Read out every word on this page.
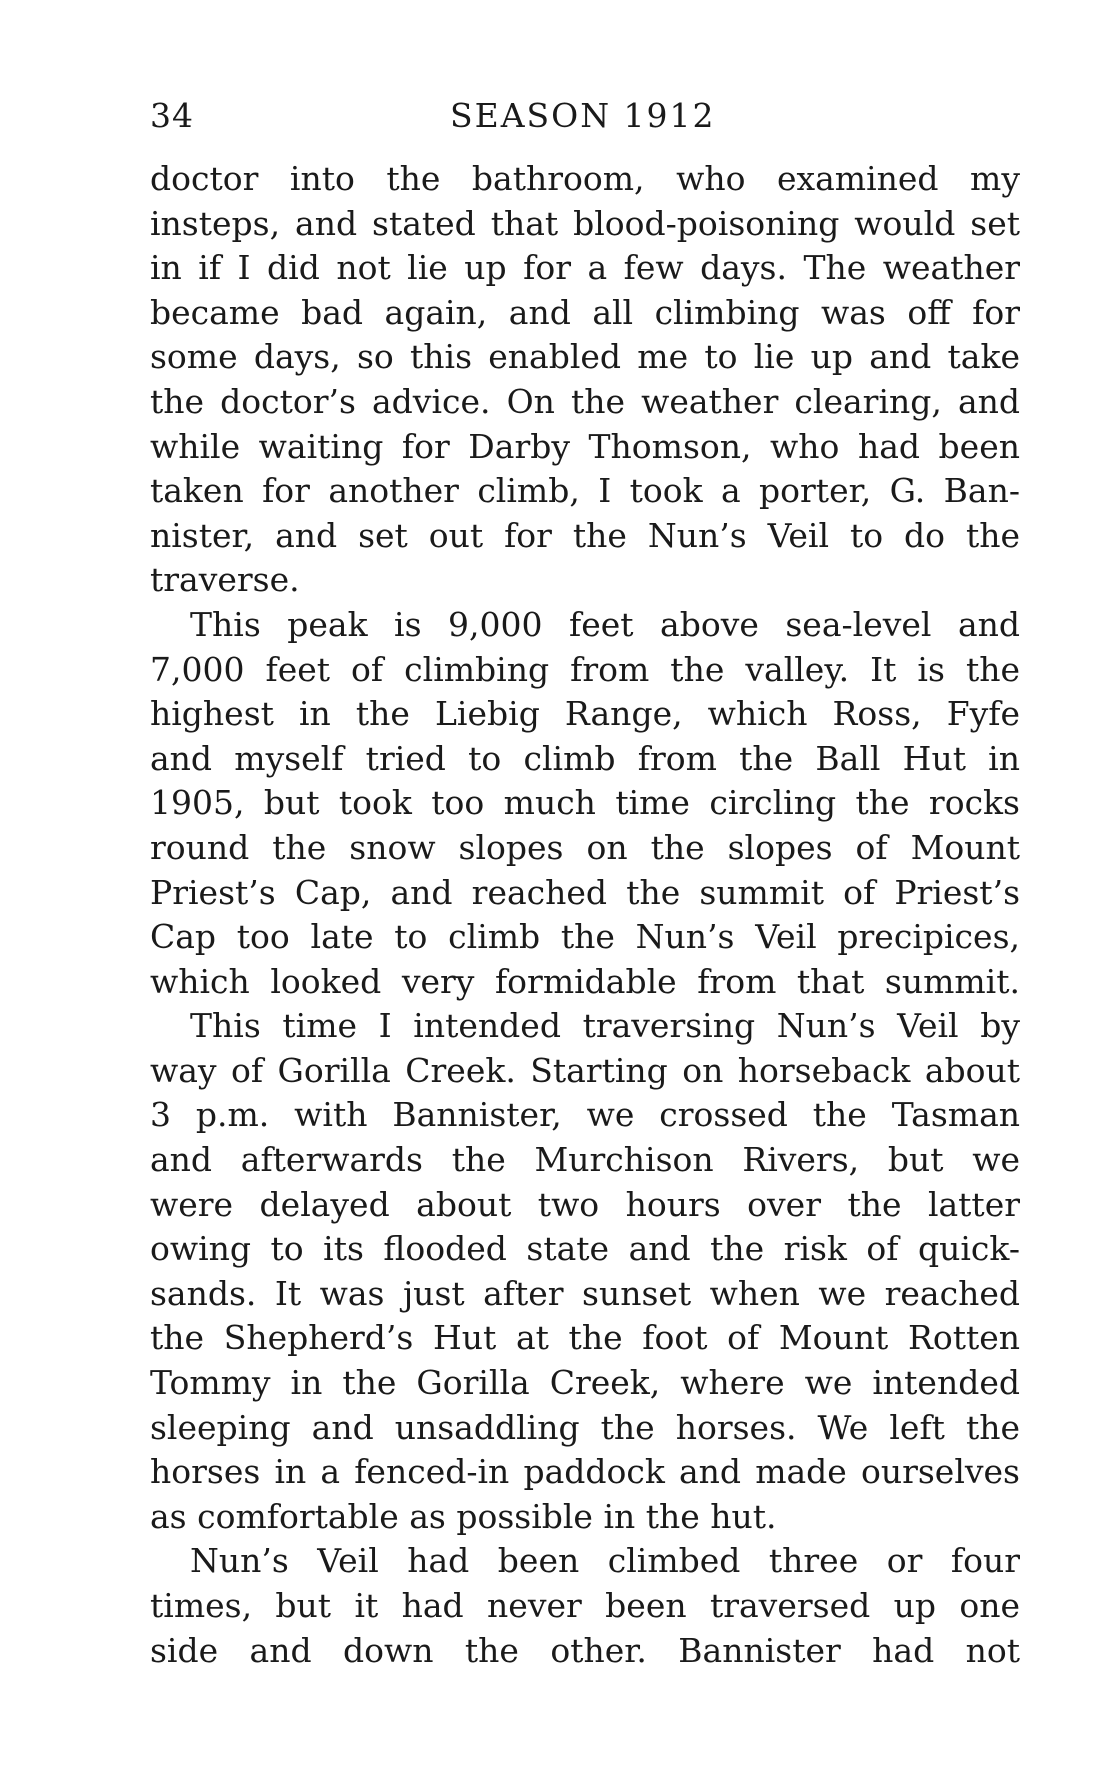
34	SEASON 1912
doctor into the bathroom, who examined my
insteps, and stated that blood-poisoning would set
in if I did not lie up for a few days. The weather
became bad again, and all climbing was off for
some days, so this enabled me to lie up and take
the doctor’s advice. On the weather clearing, and
while waiting for Darby Thomson, who had been
taken for another climb, I took a porter, G. Ban-
nister, and set out for the Nun’s Veil to do the
traverse.
This peak is 9,000 feet above sea-level and
7,000 feet of climbing from the valley. It is the
highest in the Liebig Range, which Ross, Fyfe
and myself tried to climb from the Ball Hut in
1905, but took too much time circling the rocks
round the snow slopes on the slopes of Mount
Priest’s Cap, and reached the summit of Priest’s
Cap too late to climb the Nun’s Veil precipices,
which looked very formidable from that summit.
This time I intended traversing Nun’s Veil by
way of Gorilla Creek. Starting on horseback about
3 p.m. with Bannister, we crossed the Tasman
and afterwards the Murchison Rivers, but we
were delayed about two hours over the latter
owing to its flooded state and the risk of quick-
sands. It was just after sunset when we reached
the Shepherd’s Hut at the foot of Mount Rotten
Tommy in the Gorilla Creek, where we intended
sleeping and unsaddling the horses. We left the
horses in a fenced-in paddock and made ourselves
as comfortable as possible in the hut.
Nun’s Veil had been climbed three or four
times, but it had never been traversed up one
side and down the other. Bannister had not
